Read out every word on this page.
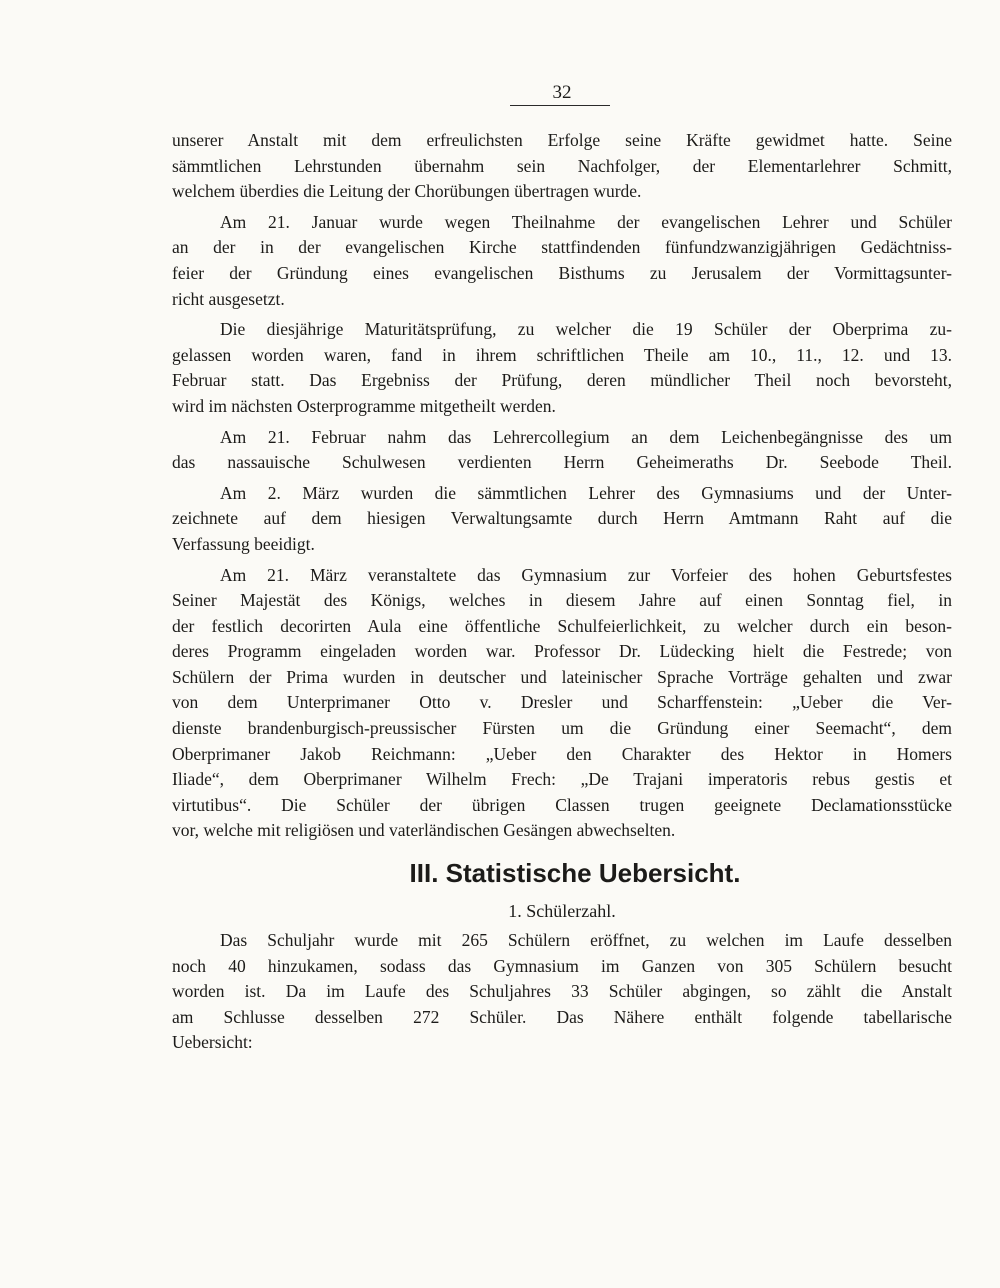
32
unserer Anstalt mit dem erfreulichsten Erfolge seine Kräfte gewidmet hatte. Seine
sämmtlichen Lehrstunden übernahm sein Nachfolger, der Elementarlehrer Schmitt,
welchem überdies die Leitung der Chorübungen übertragen wurde.
Am 21. Januar wurde wegen Theilnahme der evangelischen Lehrer und Schüler
an der in der evangelischen Kirche stattfindenden fünfundzwanzigjährigen Gedächtniss-
feier der Gründung eines evangelischen Bisthums zu Jerusalem der Vormittagsunter-
richt ausgesetzt.
Die diesjährige Maturitätsprüfung, zu welcher die 19 Schüler der Oberprima zu-
gelassen worden waren, fand in ihrem schriftlichen Theile am 10., 11., 12. und 13.
Februar statt. Das Ergebniss der Prüfung, deren mündlicher Theil noch bevorsteht,
wird im nächsten Osterprogramme mitgetheilt werden.
Am 21. Februar nahm das Lehrercollegium an dem Leichenbegängnisse des um
das nassauische Schulwesen verdienten Herrn Geheimeraths Dr. Seebode Theil.
Am 2. März wurden die sämmtlichen Lehrer des Gymnasiums und der Unter-
zeichnete auf dem hiesigen Verwaltungsamte durch Herrn Amtmann Raht auf die
Verfassung beeidigt.
Am 21. März veranstaltete das Gymnasium zur Vorfeier des hohen Geburtsfestes
Seiner Majestät des Königs, welches in diesem Jahre auf einen Sonntag fiel, in
der festlich decorirten Aula eine öffentliche Schulfeierlichkeit, zu welcher durch ein beson-
deres Programm eingeladen worden war. Professor Dr. Lüdecking hielt die Festrede; von
Schülern der Prima wurden in deutscher und lateinischer Sprache Vorträge gehalten und zwar
von dem Unterprimaner Otto v. Dresler und Scharffenstein: „Ueber die Ver-
dienste brandenburgisch-preussischer Fürsten um die Gründung einer Seemacht“, dem
Oberprimaner Jakob Reichmann: „Ueber den Charakter des Hektor in Homers
Iliade“, dem Oberprimaner Wilhelm Frech: „De Trajani imperatoris rebus gestis et
virtutibus“. Die Schüler der übrigen Classen trugen geeignete Declamationsstücke
vor, welche mit religiösen und vaterländischen Gesängen abwechselten.
III. Statistische Uebersicht.
1. Schülerzahl.
Das Schuljahr wurde mit 265 Schülern eröffnet, zu welchen im Laufe desselben
noch 40 hinzukamen, sodass das Gymnasium im Ganzen von 305 Schülern besucht
worden ist. Da im Laufe des Schuljahres 33 Schüler abgingen, so zählt die Anstalt
am Schlusse desselben 272 Schüler. Das Nähere enthält folgende tabellarische
Uebersicht:
